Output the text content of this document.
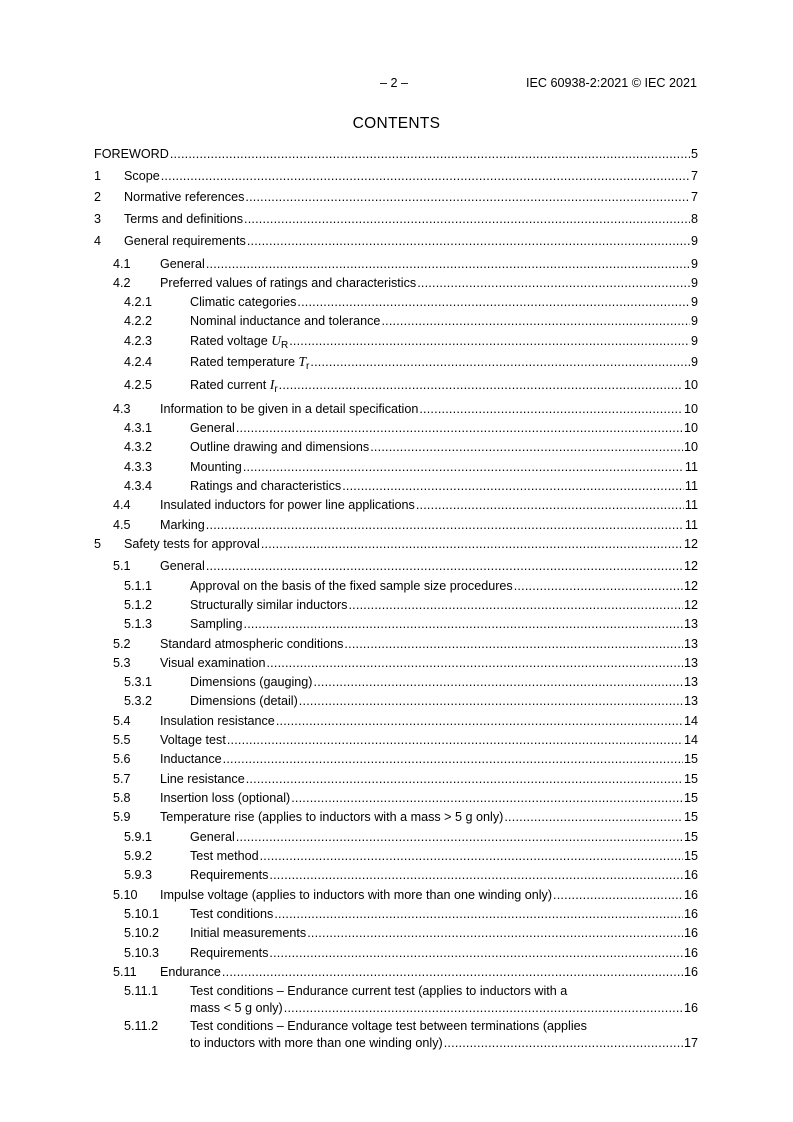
– 2 –	IEC 60938-2:2021 © IEC 2021
CONTENTS
FOREWORD .....	5
1 Scope .....	7
2 Normative references .....	7
3 Terms and definitions .....	8
4 General requirements .....	9
4.1 General .....	9
4.2 Preferred values of ratings and characteristics .....	9
4.2.1	Climatic categories .....	9
4.2.2	Nominal inductance and tolerance .....	9
4.2.3	Rated voltage $U_R$ .....	9
4.2.4	Rated temperature $T_r$ .....	9
4.2.5	Rated current $I_r$ .....	10
4.3 Information to be given in a detail specification .....	10
4.3.1	General .....	10
4.3.2	Outline drawing and dimensions .....	10
4.3.3	Mounting .....	11
4.3.4	Ratings and characteristics .....	11
4.4 Insulated inductors for power line applications .....	11
4.5 Marking .....	11
5 Safety tests for approval .....	12
5.1 General .....	12
5.1.1	Approval on the basis of the fixed sample size procedures .....	12
5.1.2	Structurally similar inductors .....	12
5.1.3	Sampling .....	13
5.2 Standard atmospheric conditions .....	13
5.3 Visual examination .....	13
5.3.1	Dimensions (gauging) .....	13
5.3.2	Dimensions (detail) .....	13
5.4 Insulation resistance .....	14
5.5 Voltage test .....	14
5.6 Inductance .....	15
5.7 Line resistance .....	15
5.8 Insertion loss (optional) .....	15
5.9 Temperature rise (applies to inductors with a mass > 5 g only) .....	15
5.9.1	General .....	15
5.9.2	Test method .....	15
5.9.3	Requirements .....	16
5.10 Impulse voltage (applies to inductors with more than one winding only) .....	16
5.10.1 Test conditions .....	16
5.10.2 Initial measurements .....	16
5.10.3 Requirements .....	16
5.11 Endurance .....	16
5.11.1	Test conditions – Endurance current test (applies to inductors with a
mass < 5 g only) .....	16
5.11.2	Test conditions – Endurance voltage test between terminations (applies
to inductors with more than one winding only) .....	17
